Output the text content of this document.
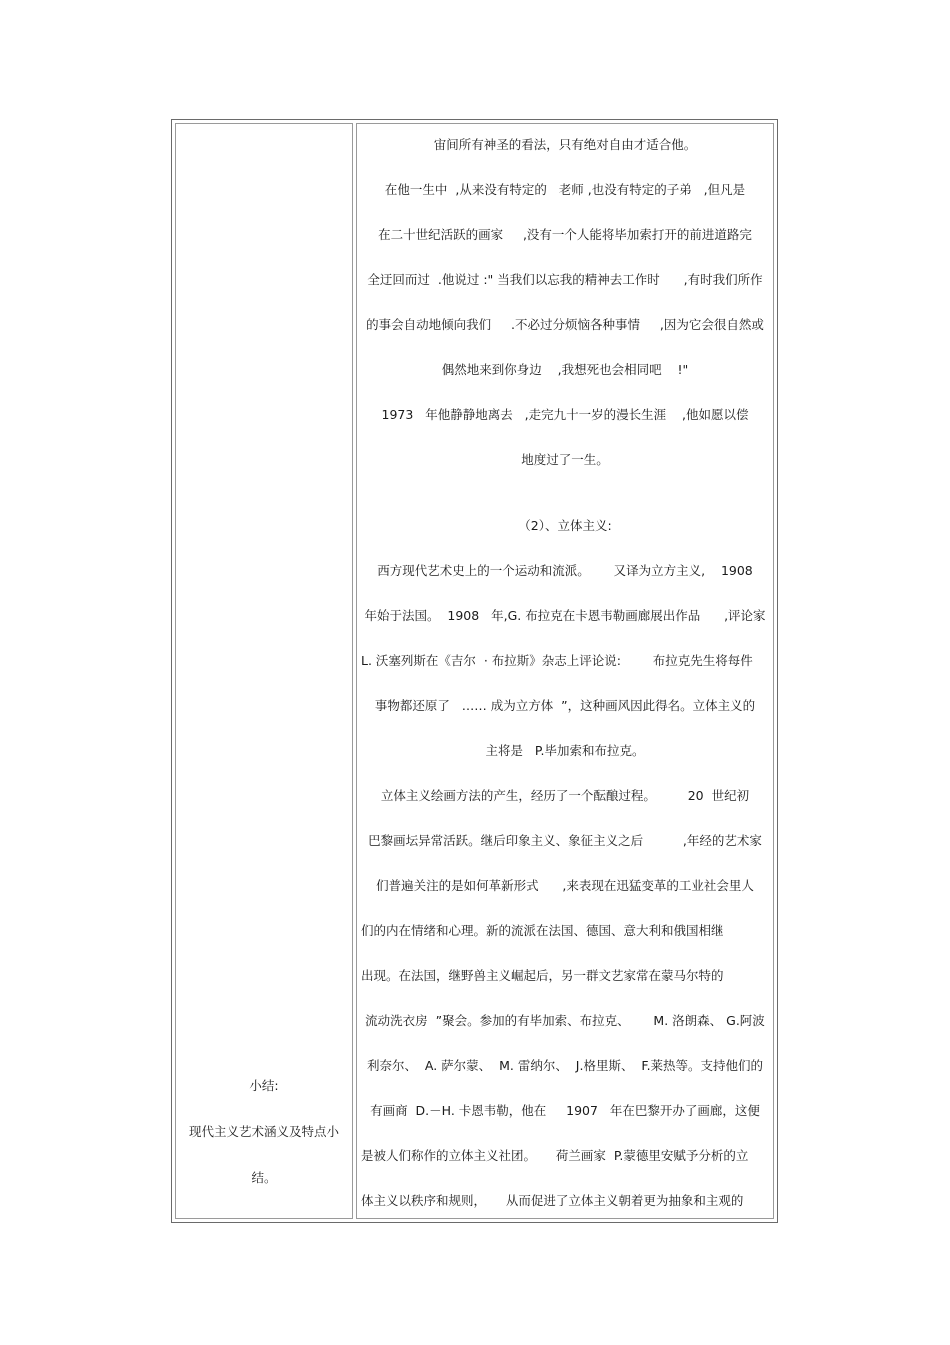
小结:
现代主义艺术涵义及特点小
结。
宙间所有神圣的看法，只有绝对自由才适合他。
在他一生中  ,从来没有特定的   老师 ,也没有特定的子弟   ,但凡是
在二十世纪活跃的画家     ,没有一个人能将毕加索打开的前进道路完
全迂回而过  .他说过 :" 当我们以忘我的精神去工作时      ,有时我们所作
的事会自动地倾向我们     .不必过分烦恼各种事情     ,因为它会很自然或
偶然地来到你身边    ,我想死也会相同吧    !"
1973   年他静静地离去   ,走完九十一岁的漫长生涯    ,他如愿以偿
地度过了一生。
（2）、立体主义:
西方现代艺术史上的一个运动和流派。      又译为立方主义,    1908
年始于法国。  1908   年,G. 布拉克在卡恩韦勒画廊展出作品      ,评论家
L. 沃塞列斯在《吉尔  · 布拉斯》杂志上评论说:        布拉克先生将每件
事物都还原了   …… 成为立方体  ”，这种画风因此得名。立体主义的
主将是   P.毕加索和布拉克。
立体主义绘画方法的产生，经历了一个酝酿过程。        20  世纪初
巴黎画坛异常活跃。继后印象主义、象征主义之后          ,年经的艺术家
们普遍关注的是如何革新形式      ,来表现在迅猛变革的工业社会里人
们的内在情绪和心理。新的流派在法国、德国、意大利和俄国相继
出现。在法国，继野兽主义崛起后，另一群文艺家常在蒙马尔特的
流动洗衣房  ”聚会。参加的有毕加索、布拉克、      M. 洛朗森、 G.阿波
利奈尔、  A. 萨尔蒙、  M. 雷纳尔、  J.格里斯、  F.莱热等。支持他们的
有画商  D.－H. 卡恩韦勒，他在     1907   年在巴黎开办了画廊，这便
是被人们称作的立体主义社团。     荷兰画家  P.蒙德里安赋予分析的立
体主义以秩序和规则，     从而促进了立体主义朝着更为抽象和主观的
